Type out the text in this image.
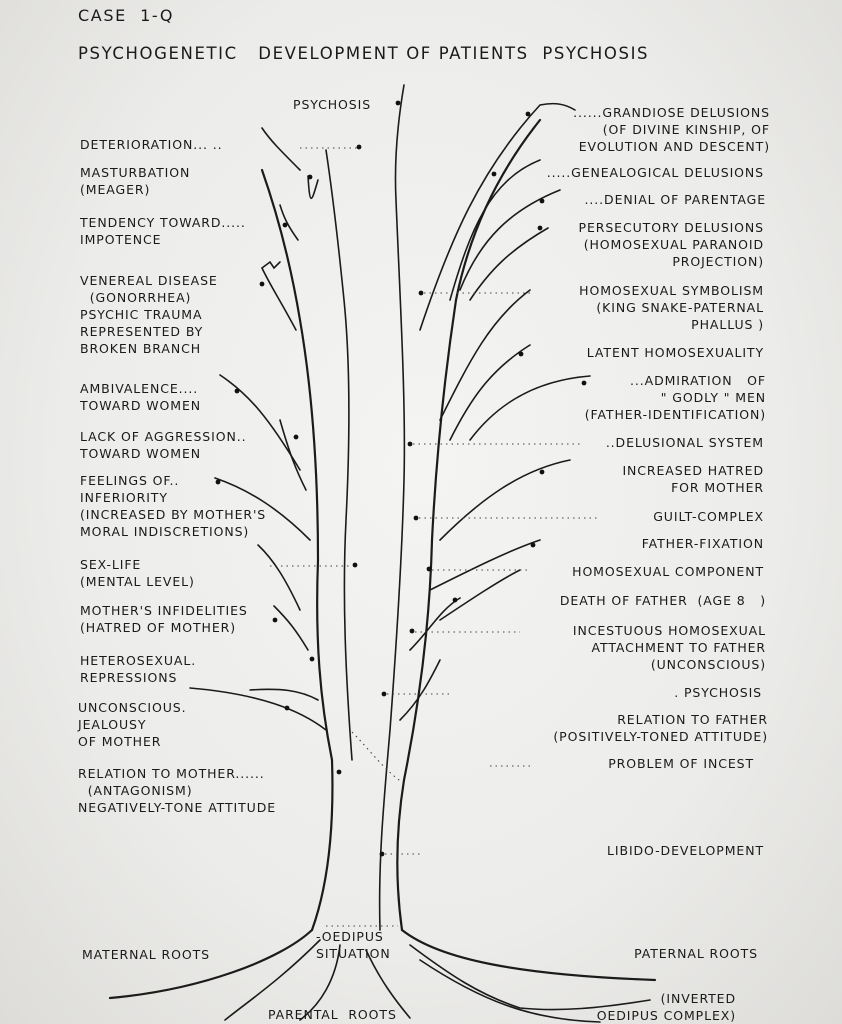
CASE  1-Q
PSYCHOGENETIC   DEVELOPMENT OF PATIENTS  PSYCHOSIS
PSYCHOSIS
DETERIORATION... ..
MASTURBATION
(MEAGER)
TENDENCY TOWARD.....
IMPOTENCE
VENEREAL DISEASE
(GONORRHEA)
PSYCHIC TRAUMA
REPRESENTED BY
BROKEN BRANCH
AMBIVALENCE....
TOWARD WOMEN
LACK OF AGGRESSION..
TOWARD WOMEN
FEELINGS OF..
INFERIORITY
(INCREASED BY MOTHER'S
MORAL INDISCRETIONS)
SEX-LIFE
(MENTAL LEVEL)
MOTHER'S INFIDELITIES
(HATRED OF MOTHER)
HETEROSEXUAL.
REPRESSIONS
UNCONSCIOUS.
JEALOUSY
OF MOTHER
RELATION TO MOTHER......
(ANTAGONISM)
NEGATIVELY-TONE ATTITUDE
......GRANDIOSE DELUSIONS
(OF DIVINE KINSHIP, OF
EVOLUTION AND DESCENT)
.....GENEALOGICAL DELUSIONS
....DENIAL OF PARENTAGE
PERSECUTORY DELUSIONS
(HOMOSEXUAL PARANOID
PROJECTION)
HOMOSEXUAL SYMBOLISM
(KING SNAKE-PATERNAL
PHALLUS )
LATENT HOMOSEXUALITY
...ADMIRATION   OF
" GODLY " MEN
(FATHER-IDENTIFICATION)
..DELUSIONAL SYSTEM
INCREASED HATRED
FOR MOTHER
GUILT-COMPLEX
FATHER-FIXATION
HOMOSEXUAL COMPONENT
DEATH OF FATHER  (AGE 8   )
INCESTUOUS HOMOSEXUAL
ATTACHMENT TO FATHER
(UNCONSCIOUS)
. PSYCHOSIS
RELATION TO FATHER
(POSITIVELY-TONED ATTITUDE)
PROBLEM OF INCEST
LIBIDO-DEVELOPMENT
MATERNAL ROOTS
-OEDIPUS
SITUATION	PATERNAL ROOTS
PARENTAL  ROOTS
(INVERTED
OEDIPUS COMPLEX)
